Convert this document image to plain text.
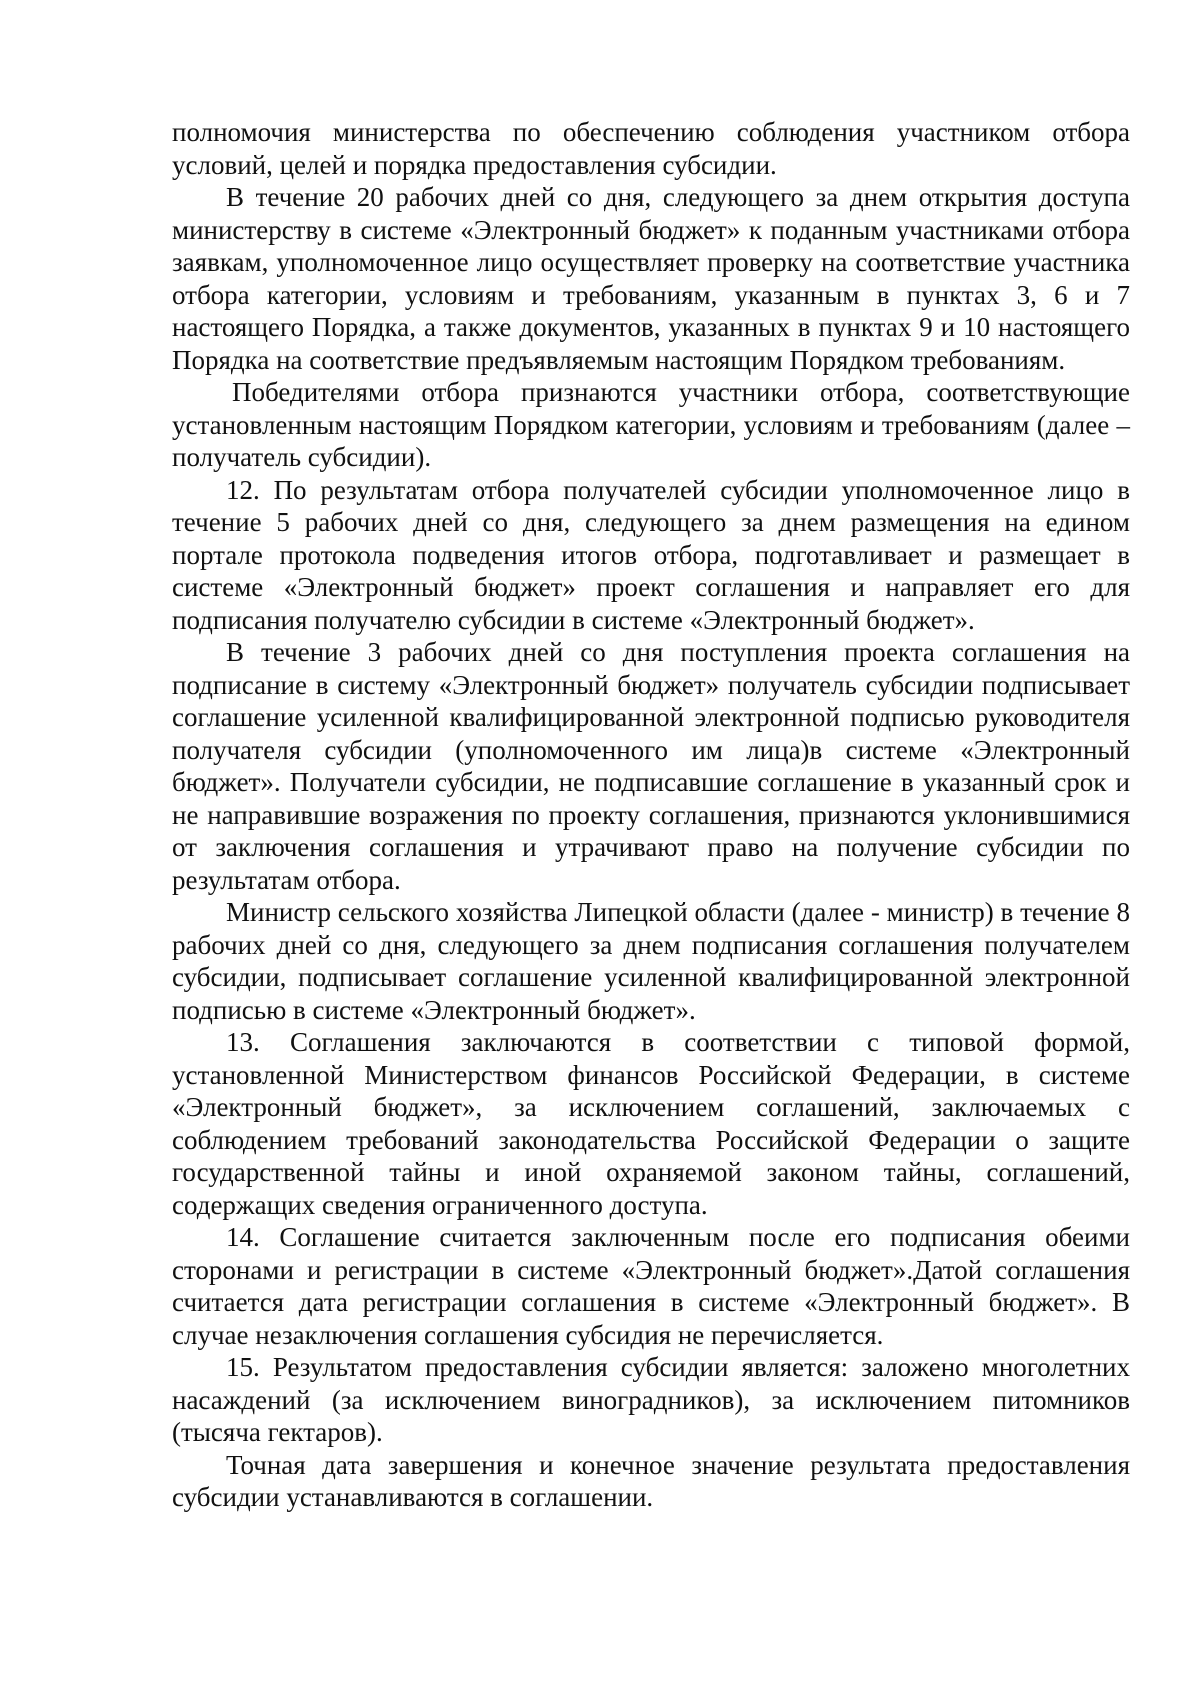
полномочия министерства по обеспечению соблюдения участником отбора условий, целей и порядка предоставления субсидии.

В течение 20 рабочих дней со дня, следующего за днем открытия доступа министерству в системе «Электронный бюджет» к поданным участниками отбора заявкам, уполномоченное лицо осуществляет проверку на соответствие участника отбора категории, условиям и требованиям, указанным в пунктах 3, 6 и 7 настоящего Порядка, а также документов, указанных в пунктах 9 и 10 настоящего Порядка на соответствие предъявляемым настоящим Порядком требованиям.

Победителями отбора признаются участники отбора, соответствующие установленным настоящим Порядком категории, условиям и требованиям (далее – получатель субсидии).

12. По результатам отбора получателей субсидии уполномоченное лицо в течение 5 рабочих дней со дня, следующего за днем размещения на едином портале протокола подведения итогов отбора, подготавливает и размещает в системе «Электронный бюджет» проект соглашения и направляет его для подписания получателю субсидии в системе «Электронный бюджет».

В течение 3 рабочих дней со дня поступления проекта соглашения на подписание в систему «Электронный бюджет» получатель субсидии подписывает соглашение усиленной квалифицированной электронной подписью руководителя получателя субсидии (уполномоченного им лица)в системе «Электронный бюджет». Получатели субсидии, не подписавшие соглашение в указанный срок и не направившие возражения по проекту соглашения, признаются уклонившимися от заключения соглашения и утрачивают право на получение субсидии по результатам отбора.

Министр сельского хозяйства Липецкой области (далее - министр) в течение 8 рабочих дней со дня, следующего за днем подписания соглашения получателем субсидии, подписывает соглашение усиленной квалифицированной электронной подписью в системе «Электронный бюджет».

13. Соглашения заключаются в соответствии с типовой формой, установленной Министерством финансов Российской Федерации, в системе «Электронный бюджет», за исключением соглашений, заключаемых с соблюдением требований законодательства Российской Федерации о защите государственной тайны и иной охраняемой законом тайны, соглашений, содержащих сведения ограниченного доступа.

14. Соглашение считается заключенным после его подписания обеими сторонами и регистрации в системе «Электронный бюджет».Датой соглашения считается дата регистрации соглашения в системе «Электронный бюджет». В случае незаключения соглашения субсидия не перечисляется.

15. Результатом предоставления субсидии является: заложено многолетних насаждений (за исключением виноградников), за исключением питомников (тысяча гектаров).

Точная дата завершения и конечное значение результата предоставления субсидии устанавливаются в соглашении.
